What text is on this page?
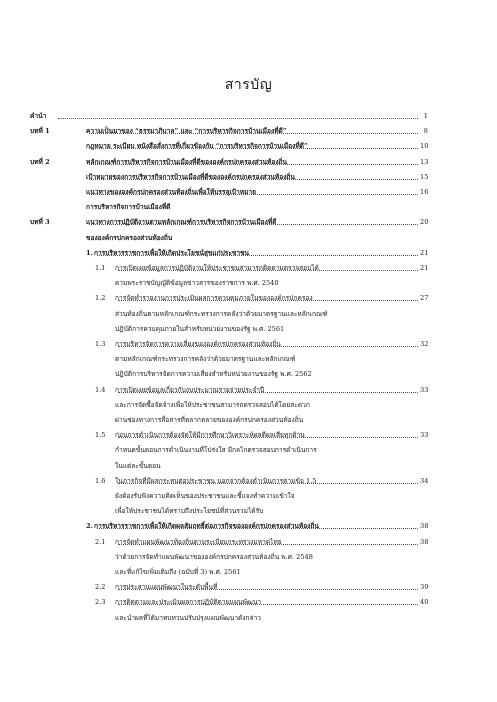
สารบัญ
คำนำ	1
บทที่ 1	ความเป็นมาของ “ธรรมาภิบาล” และ “การบริหารกิจการบ้านเมืองที่ดี”	8
กฎหมาย ระเบียบ หนังสือสั่งการที่เกี่ยวข้องกับ “การบริหารกิจการบ้านเมืองที่ดี”	10
บทที่ 2	หลักเกณฑ์การบริหารกิจการบ้านเมืองที่ดีขององค์กรปกครองส่วนท้องถิ่น	13
เป้าหมายของการบริหารกิจการบ้านเมืองที่ดีขององค์กรปกครองส่วนท้องถิ่น	15
แนวทางขององค์กรปกครองส่วนท้องถิ่นเพื่อให้บรรลุเป้าหมาย	16
การบริหารกิจการบ้านเมืองที่ดี
บทที่ 3	แนวทางการปฏิบัติงานตามหลักเกณฑ์การบริหารกิจการบ้านเมืองที่ดี	20
ขององค์กรปกครองส่วนท้องถิ่น
1. การบริหารราชการเพื่อให้เกิดประโยชน์สุขแก่ประชาชน	21
1.1 การเปิดเผยข้อมูลการปฏิบัติงานให้ประชาชนสามารถติดตามตรวจสอบได้	21
ตามพระราชบัญญัติข้อมูลข่าวสารของราชการ พ.ศ. 2540
1.2 การจัดทำรายงานการประเมินผลการควบคุมภายในขององค์กรปกครอง	27
ส่วนท้องถิ่นตามหลักเกณฑ์กระทรวงการคลังว่าด้วยมาตรฐานและหลักเกณฑ์
ปฏิบัติการควบคุมภายในสำหรับหน่วยงานของรัฐ พ.ศ. 2561
1.3 การบริหารจัดการความเสี่ยงขององค์กรปกครองส่วนท้องถิ่น	32
ตามหลักเกณฑ์กระทรวงการคลังว่าด้วยมาตรฐานและหลักเกณฑ์
ปฏิบัติการบริหารจัดการความเสี่ยงสำหรับหน่วยงานของรัฐ พ.ศ. 2562
1.4 การเปิดเผยข้อมูลเกี่ยวกับงบประมาณรายจ่ายประจำปี	33
และการจัดซื้อจัดจ้างเพื่อให้ประชาชนสามารถตรวจสอบได้โดยสะดวก
ผ่านช่องทางการสื่อสารที่หลากหลายขององค์กรปกครองส่วนท้องถิ่น
1.5 ก่อนการดำเนินการต้องจัดให้มีการศึกษาวิเคราะห์ผลดีผลเสียทุกด้าน	33
กำหนดขั้นตอนการดำเนินงานที่โปร่งใส มีกลไกตรวจสอบการดำเนินการ
ในแต่ละขั้นตอน
1.6 ในภารกิจที่มีผลกระทบต่อประชาชน นอกจากต้องดำเนินการตามข้อ 1.5	34
ยังต้องรับฟังความคิดเห็นของประชาชนและชี้แจงทำความเข้าใจ
เพื่อให้ประชาชนได้ทราบถึงประโยชน์ที่ส่วนรวมได้รับ
2. การบริหารราชการเพื่อให้เกิดผลสัมฤทธิ์ต่อภารกิจขององค์กรปกครองส่วนท้องถิ่น	38
2.1 การจัดทำแผนพัฒนาท้องถิ่นตามระเบียบกระทรวงมหาดไทย	38
ว่าด้วยการจัดทำแผนพัฒนาขององค์กรปกครองส่วนท้องถิ่น พ.ศ. 2548
และที่แก้ไขเพิ่มเติมถึง (ฉบับที่ 3) พ.ศ. 2561
2.2 การประสานแผนพัฒนาในระดับพื้นที่	39
2.3 การติดตามและประเมินผลการปฏิบัติตามแผนพัฒนา	40
และนำผลที่ได้มาทบทวนปรับปรุงแผนพัฒนาดังกล่าว
